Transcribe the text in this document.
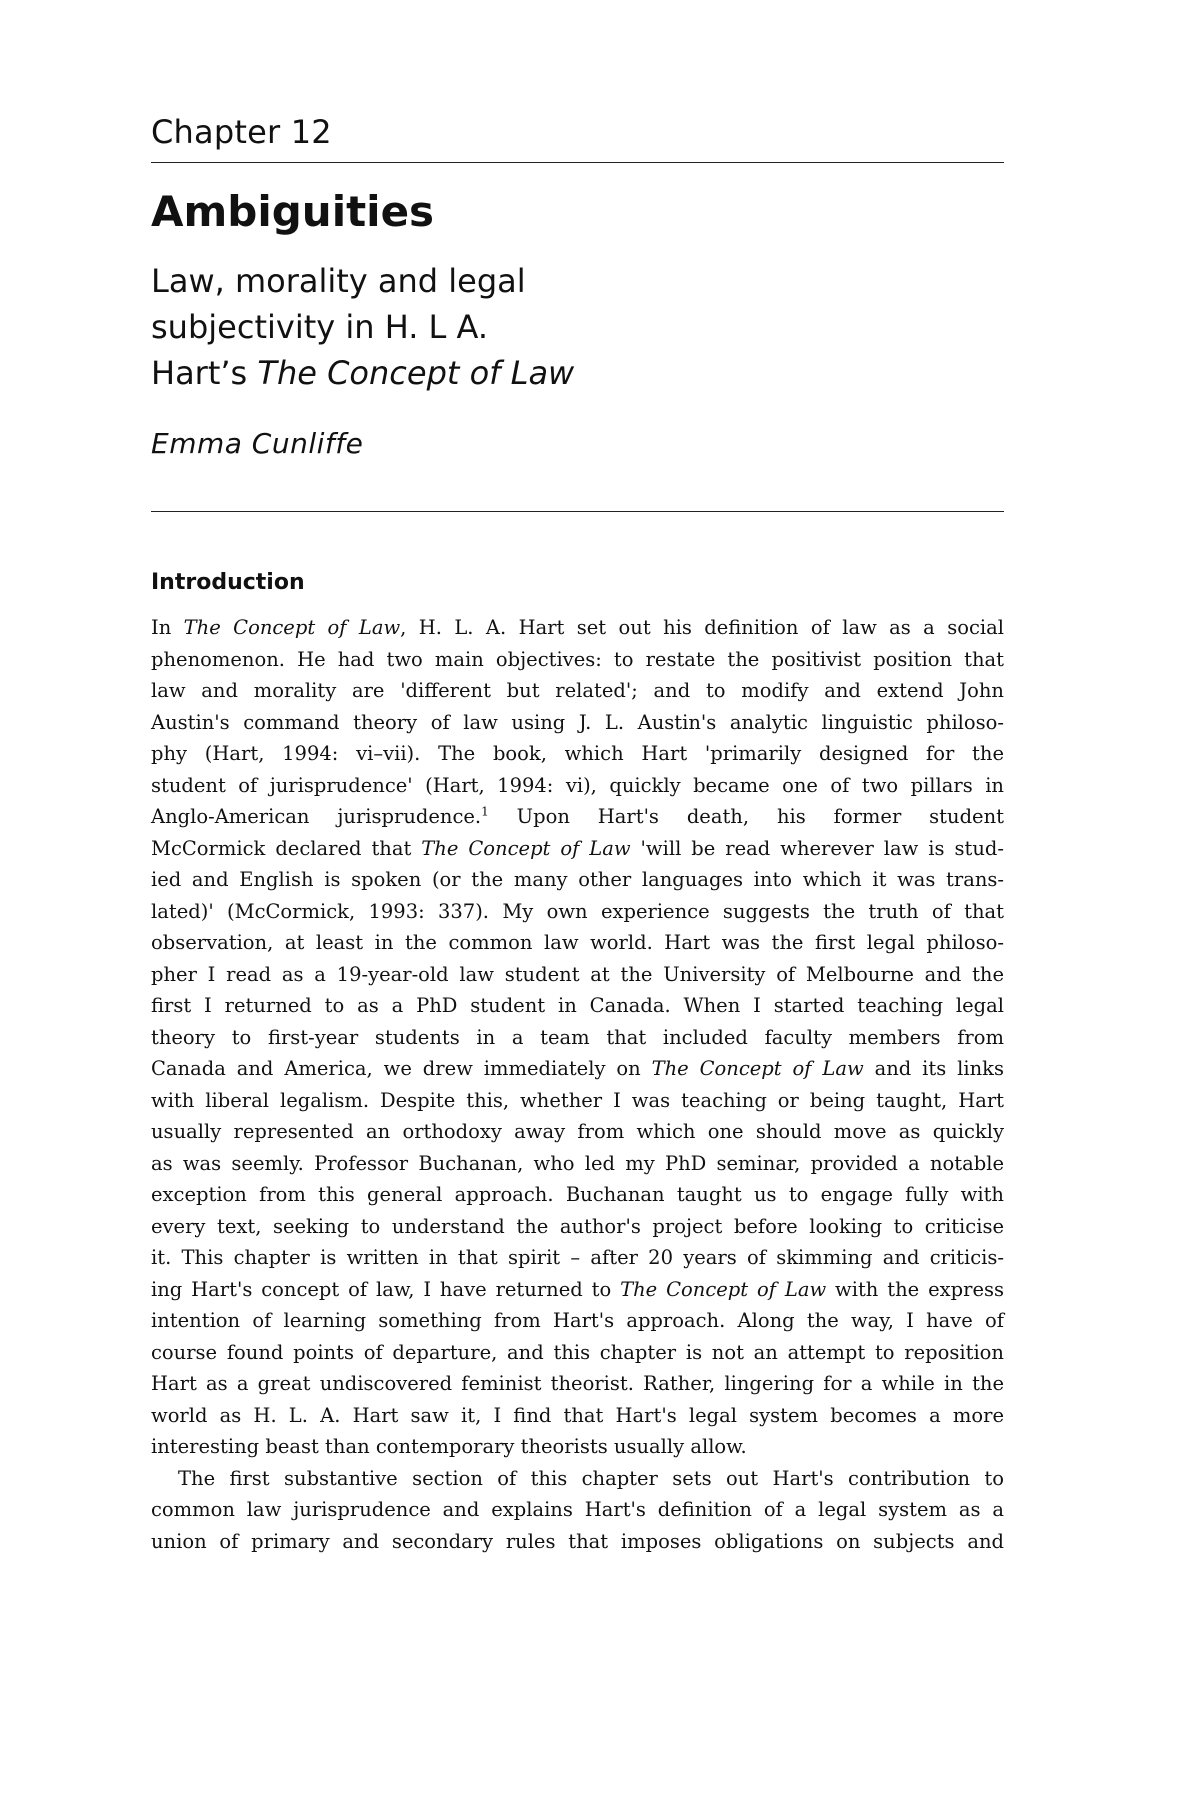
Chapter 12
Ambiguities
Law, morality and legal
subjectivity in H. L A.
Hart’s The Concept of Law
Emma Cunliffe
Introduction

In The Concept of Law, H. L. A. Hart set out his definition of law as a social
phenomenon. He had two main objectives: to restate the positivist position that
law and morality are 'different but related'; and to modify and extend John
Austin's command theory of law using J. L. Austin's analytic linguistic philoso-
phy (Hart, 1994: vi–vii). The book, which Hart 'primarily designed for the
student of jurisprudence' (Hart, 1994: vi), quickly became one of two pillars in
Anglo-American jurisprudence.$^1$ Upon Hart's death, his former student
McCormick declared that The Concept of Law 'will be read wherever law is stud-
ied and English is spoken (or the many other languages into which it was trans-
lated)' (McCormick, 1993: 337). My own experience suggests the truth of that
observation, at least in the common law world. Hart was the first legal philoso-
pher I read as a 19-year-old law student at the University of Melbourne and the
first I returned to as a PhD student in Canada. When I started teaching legal
theory to first-year students in a team that included faculty members from
Canada and America, we drew immediately on The Concept of Law and its links
with liberal legalism. Despite this, whether I was teaching or being taught, Hart
usually represented an orthodoxy away from which one should move as quickly
as was seemly. Professor Buchanan, who led my PhD seminar, provided a notable
exception from this general approach. Buchanan taught us to engage fully with
every text, seeking to understand the author's project before looking to criticise
it. This chapter is written in that spirit – after 20 years of skimming and criticis-
ing Hart's concept of law, I have returned to The Concept of Law with the express
intention of learning something from Hart's approach. Along the way, I have of
course found points of departure, and this chapter is not an attempt to reposition
Hart as a great undiscovered feminist theorist. Rather, lingering for a while in the
world as H. L. A. Hart saw it, I find that Hart's legal system becomes a more
interesting beast than contemporary theorists usually allow.

The first substantive section of this chapter sets out Hart's contribution to
common law jurisprudence and explains Hart's definition of a legal system as a
union of primary and secondary rules that imposes obligations on subjects and
